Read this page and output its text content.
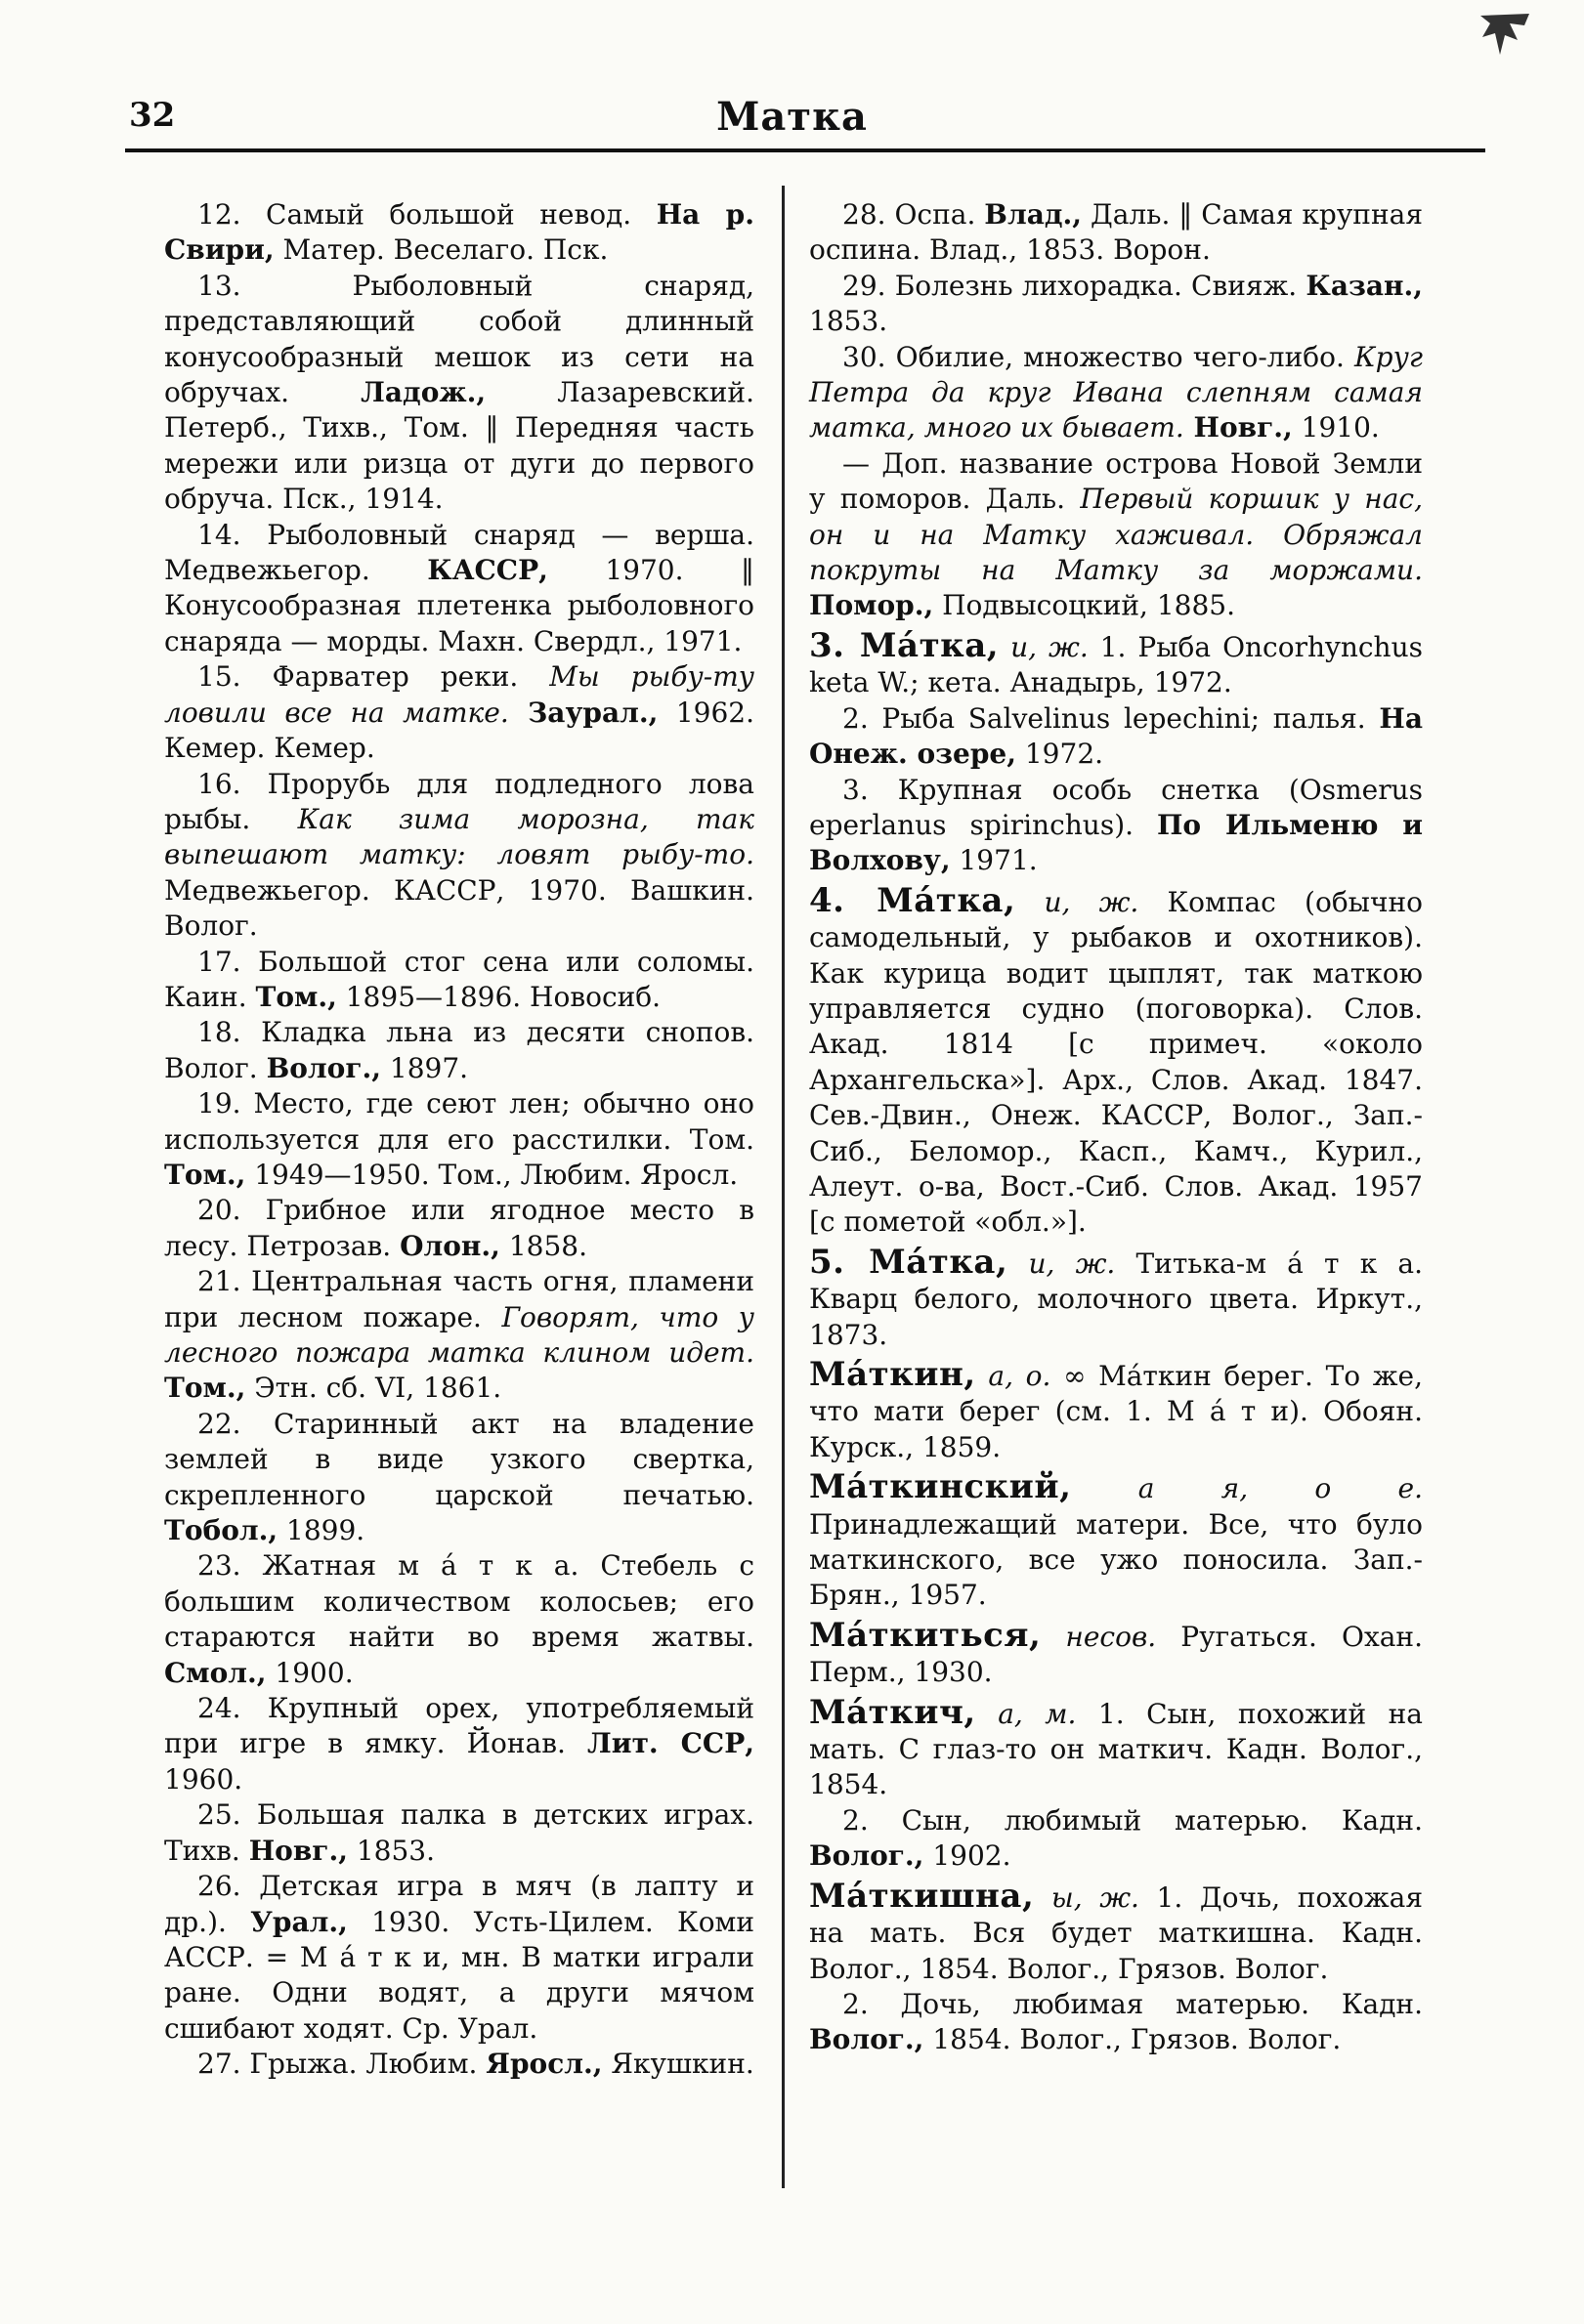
32	Матка

12. Самый большой невод. На р. Свири, Матер. Веселаго. Пск.

13. Рыболовный снаряд, представляющий собой длинный конусообразный мешок из сети на обручах. Ладож., Лазаревский. Петерб., Тихв., Том. ‖ Передняя часть мережи или ризца от дуги до первого обруча. Пск., 1914.

14. Рыболовный снаряд — верша. Медвежьегор. КАССР, 1970. ‖ Конусообразная плетенка рыболовного снаряда — морды. Махн. Свердл., 1971.

15. Фарватер реки. Мы рыбу-ту ловили все на матке. Заурал., 1962. Кемер. Кемер.

16. Прорубь для подледного лова рыбы. Как зима морозна, так выпешают матку: ловят рыбу-то. Медвежьегор. КАССР, 1970. Вашкин. Волог.

17. Большой стог сена или соломы. Каин. Том., 1895—1896. Новосиб.

18. Кладка льна из десяти снопов. Волог. Волог., 1897.

19. Место, где сеют лен; обычно оно используется для его расстилки. Том. Том., 1949—1950. Том., Любим. Яросл.

20. Грибное или ягодное место в лесу. Петрозав. Олон., 1858.

21. Центральная часть огня, пламени при лесном пожаре. Говорят, что у лесного пожара матка клином идет. Том., Этн. сб. VI, 1861.

22. Старинный акт на владение землей в виде узкого свертка, скрепленного царской печатью. Тобол., 1899.

23. Жатная м á т к а. Стебель с большим количеством колосьев; его стараются найти во время жатвы. Смол., 1900.

24. Крупный орех, употребляемый при игре в ямку. Йонав. Лит. ССР, 1960.

25. Большая палка в детских играх. Тихв. Новг., 1853.

26. Детская игра в мяч (в лапту и др.). Урал., 1930. Усть-Цилем. Коми АССР. = М á т к и, мн. В матки играли ране. Одни водят, а други мячом сшибают ходят. Ср. Урал.

27. Грыжа. Любим. Яросл., Якушкин.

28. Оспа. Влад., Даль. ‖ Самая крупная оспина. Влад., 1853. Ворон.

29. Болезнь лихорадка. Свияж. Казан., 1853.

30. Обилие, множество чего-либо. Круг Петра да круг Ивана слепням самая матка, много их бывает. Новг., 1910.

— Доп. название острова Новой Земли у поморов. Даль. Первый коршик у нас, он и на Матку хаживал. Обряжал покруты на Матку за моржами. Помор., Подвысоцкий, 1885.

3. Мáтка, и, ж. 1. Рыба Oncorhynchus keta W.; кета. Анадырь, 1972.

2. Рыба Salvelinus lepechini; палья. На Онеж. озере, 1972.

3. Крупная особь снетка (Osmerus eperlanus spirinchus). По Ильменю и Волхову, 1971.

4. Мáтка, и, ж. Компас (обычно самодельный, у рыбаков и охотников). Как курица водит цыплят, так маткою управляется судно (поговорка). Слов. Акад. 1814 [с примеч. «около Архангельска»]. Арх., Слов. Акад. 1847. Сев.-Двин., Онеж. КАССР, Волог., Зап.-Сиб., Беломор., Касп., Камч., Курил., Алеут. о-ва, Вост.-Сиб. Слов. Акад. 1957 [с пометой «обл.»].

5. Мáтка, и, ж. Титька-м á т к а. Кварц белого, молочного цвета. Иркут., 1873.

Мáткин, а, о. ∞ Мáткин берег. То же, что мати берег (см. 1. М á т и). Обоян. Курск., 1859.

Мáткинский, а я, о е. Принадлежащий матери. Все, что було маткинского, все ужо поносила. Зап.-Брян., 1957.

Мáткиться, несов. Ругаться. Охан. Перм., 1930.

Мáткич, а, м. 1. Сын, похожий на мать. С глаз-то он маткич. Кадн. Волог., 1854.

2. Сын, любимый матерью. Кадн. Волог., 1902.

Мáткишна, ы, ж. 1. Дочь, похожая на мать. Вся будет маткишна. Кадн. Волог., 1854. Волог., Грязов. Волог.

2. Дочь, любимая матерью. Кадн. Волог., 1854. Волог., Грязов. Волог.
